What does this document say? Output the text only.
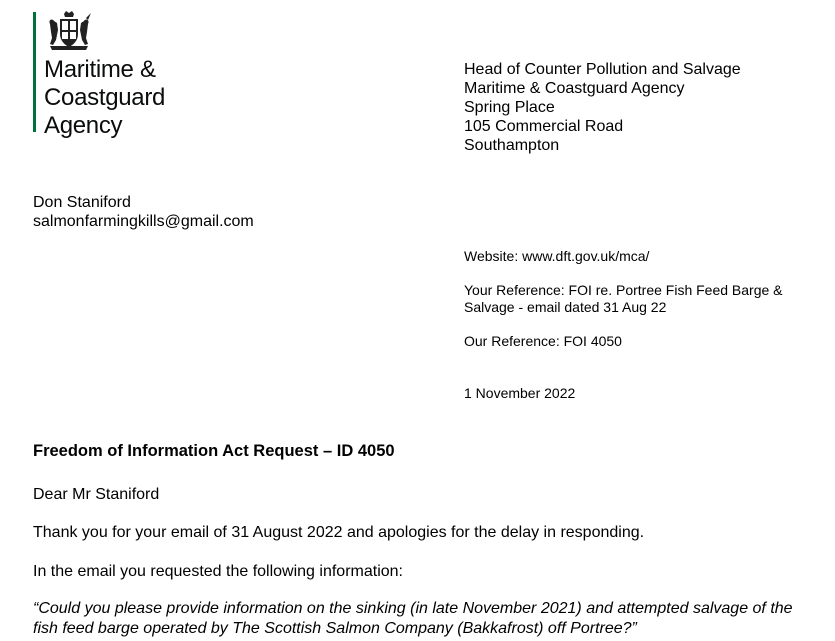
Maritime &
Coastguard
Agency
Head of Counter Pollution and Salvage
Maritime & Coastguard Agency
Spring Place
105 Commercial Road
Southampton
Don Staniford
salmonfarmingkills@gmail.com
Website: www.dft.gov.uk/mca/
Your Reference: FOI re. Portree Fish Feed Barge & Salvage - email dated 31 Aug 22
Our Reference: FOI 4050
1 November 2022
Freedom of Information Act Request – ID 4050
Dear Mr Staniford
Thank you for your email of 31 August 2022 and apologies for the delay in responding.
In the email you requested the following information:
“Could you please provide information on the sinking (in late November 2021) and attempted salvage of the fish feed barge operated by The Scottish Salmon Company (Bakkafrost) off Portree?”
